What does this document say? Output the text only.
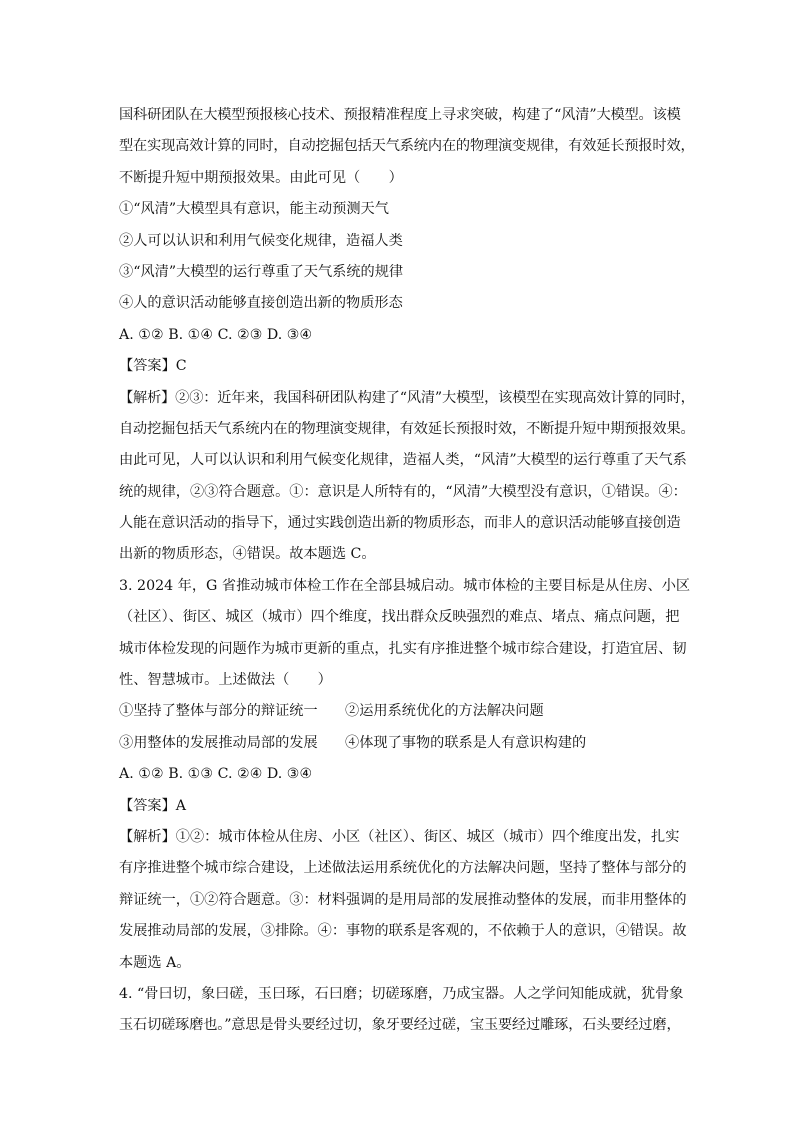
国科研团队在大模型预报核心技术、预报精准程度上寻求突破，构建了“风清”大模型。该模
型在实现高效计算的同时，自动挖掘包括天气系统内在的物理演变规律，有效延长预报时效，
不断提升短中期预报效果。由此可见（　　）
①“风清”大模型具有意识，能主动预测天气
②人可以认识和利用气候变化规律，造福人类
③“风清”大模型的运行尊重了天气系统的规律
④人的意识活动能够直接创造出新的物质形态
A. ①② B. ①④ C. ②③ D. ③④
【答案】C
【解析】②③：近年来，我国科研团队构建了“风清”大模型，该模型在实现高效计算的同时，
自动挖掘包括天气系统内在的物理演变规律，有效延长预报时效，不断提升短中期预报效果。
由此可见，人可以认识和利用气候变化规律，造福人类，“风清”大模型的运行尊重了天气系
统的规律，②③符合题意。①：意识是人所特有的，“风清”大模型没有意识，①错误。④：
人能在意识活动的指导下，通过实践创造出新的物质形态，而非人的意识活动能够直接创造
出新的物质形态，④错误。故本题选 C。
3. 2024 年，G 省推动城市体检工作在全部县城启动。城市体检的主要目标是从住房、小区
（社区）、街区、城区（城市）四个维度，找出群众反映强烈的难点、堵点、痛点问题，把
城市体检发现的问题作为城市更新的重点，扎实有序推进整个城市综合建设，打造宜居、韧
性、智慧城市。上述做法（　　）
①坚持了整体与部分的辩证统一	②运用系统优化的方法解决问题
③用整体的发展推动局部的发展	④体现了事物的联系是人有意识构建的
A. ①② B. ①③ C. ②④ D. ③④
【答案】A
【解析】①②：城市体检从住房、小区（社区）、街区、城区（城市）四个维度出发，扎实
有序推进整个城市综合建设，上述做法运用系统优化的方法解决问题，坚持了整体与部分的
辩证统一，①②符合题意。③：材料强调的是用局部的发展推动整体的发展，而非用整体的
发展推动局部的发展，③排除。④：事物的联系是客观的，不依赖于人的意识，④错误。故
本题选 A。
4. “骨曰切，象曰磋，玉曰琢，石曰磨；切磋琢磨，乃成宝器。人之学问知能成就，犹骨象
玉石切磋琢磨也。”意思是骨头要经过切，象牙要经过磋，宝玉要经过雕琢，石头要经过磨，
